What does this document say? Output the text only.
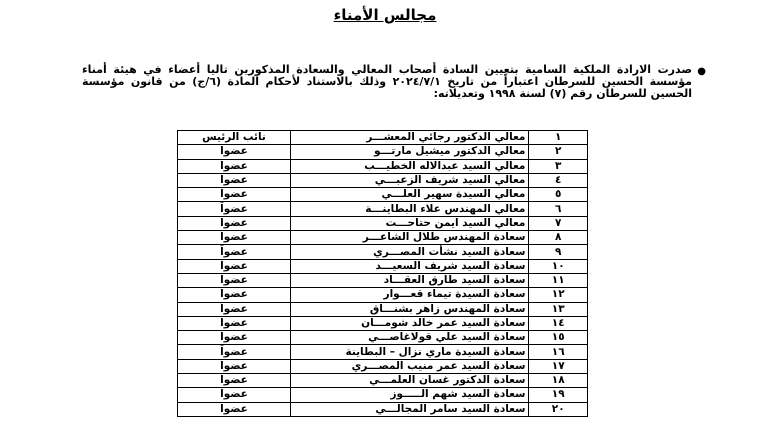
مجالس الأمناء
●
صدرت الارادة الملكية السامية بتعيين السادة أصحاب المعالي والسعادة المذكورين تاليا أعضاء في هيئة أمناء مؤسسة الحسين للسرطان اعتباراً من تاريخ ٢٠٢٤/٧/١ وذلك بالاستناد لأحكام المادة (٦/ج) من قانون مؤسسة الحسين للسرطان رقم (٧) لسنة ١٩٩٨ وتعديلاته:
١	معالي الدكتور رجائي المعشـــر	نائب الرئيس
٢	معالي الدكتور ميشيل مارتـــو	عضواً
٣	معالي السيد عبدالاله الخطيـــب	عضواً
٤	معالي السيد شريف الزعبـــي	عضواً
٥	معالي السيدة سهير العلـــي	عضواً
٦	معالي المهندس علاء البطاينـــة	عضواً
٧	معالي السيد ايمن حتاحـــت	عضواً
٨	سعادة المهندس طلال الشاعـــر	عضواً
٩	سعادة السيد نشأت المصـــري	عضواً
١٠	سعادة السيد شريف السعيـــد	عضواً
١١	سعادة السيد طارق العقـــاد	عضواً
١٢	سعادة السيدة تيماء قعـــوار	عضواً
١٣	سعادة المهندس زاهر بشنـــاق	عضواً
١٤	سعادة السيد عمر خالد شومـــان	عضواً
١٥	سعادة السيد علي قولاغاصـــي	عضواً
١٦	سعادة السيدة ماري نزال – البطاينة	عضواً
١٧	سعادة السيد عمر منيب المصـــري	عضواً
١٨	سعادة الدكتور غسان العلمـــي	عضواً
١٩	سعادة السيد شهم الـــــوز	عضواً
٢٠	سعادة السيد سامر المجالـــي	عضواً
